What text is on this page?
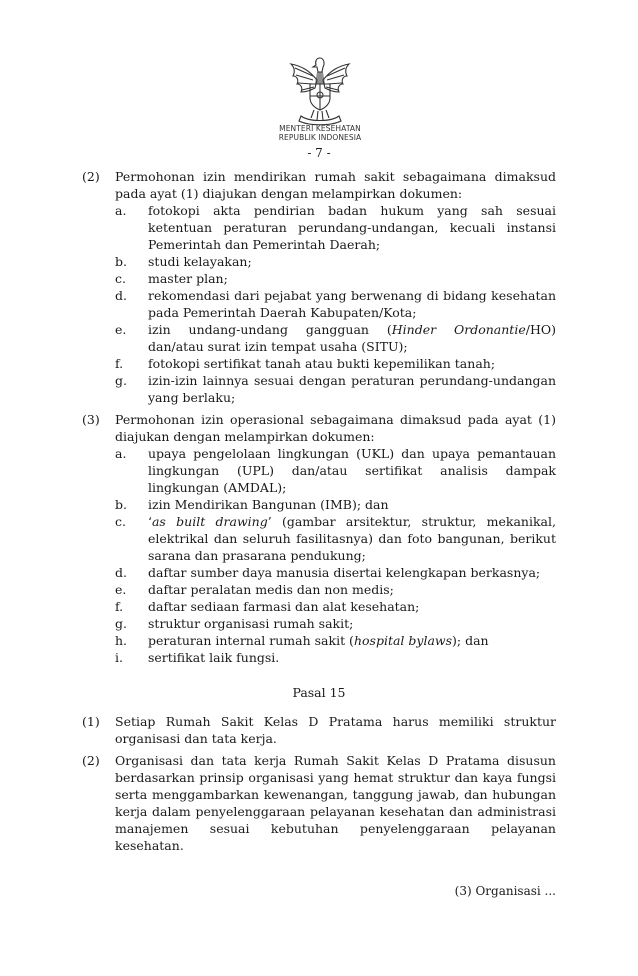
MENTERI KESEHATAN
REPUBLIK INDONESIA
- 7 -
(2)	Permohonan izin mendirikan rumah sakit sebagaimana dimaksud pada ayat (1) diajukan dengan melampirkan dokumen:
a.	fotokopi akta pendirian badan hukum yang sah sesuai ketentuan peraturan perundang-undangan, kecuali instansi Pemerintah dan Pemerintah Daerah;
b.	studi kelayakan;
c.	master plan;
d.	rekomendasi dari pejabat yang berwenang di bidang kesehatan pada Pemerintah Daerah Kabupaten/Kota;
e.	izin undang-undang gangguan (Hinder Ordonantie/HO) dan/atau surat izin tempat usaha (SITU);
f.	fotokopi sertifikat tanah atau bukti kepemilikan tanah;
g.	izin-izin lainnya sesuai dengan peraturan perundang-undangan yang berlaku;
(3)	Permohonan izin operasional sebagaimana dimaksud pada ayat (1) diajukan dengan melampirkan dokumen:
a.	upaya pengelolaan lingkungan (UKL) dan upaya pemantauan lingkungan (UPL) dan/atau sertifikat analisis dampak lingkungan (AMDAL);
b.	izin Mendirikan Bangunan (IMB); dan
c.	‘as built drawing’ (gambar arsitektur, struktur, mekanikal, elektrikal dan seluruh fasilitasnya) dan foto bangunan, berikut sarana dan prasarana pendukung;
d.	daftar sumber daya manusia disertai kelengkapan berkasnya;
e.	daftar peralatan medis dan non medis;
f.	daftar sediaan farmasi dan alat kesehatan;
g.	struktur organisasi rumah sakit;
h.	peraturan internal rumah sakit (hospital bylaws); dan
i.	sertifikat laik fungsi.
Pasal 15
(1)	Setiap Rumah Sakit Kelas D Pratama harus memiliki struktur organisasi dan tata kerja.
(2)	Organisasi dan tata kerja Rumah Sakit Kelas D Pratama disusun berdasarkan prinsip organisasi yang hemat struktur dan kaya fungsi serta menggambarkan kewenangan, tanggung jawab, dan hubungan kerja dalam penyelenggaraan pelayanan kesehatan dan administrasi manajemen sesuai kebutuhan penyelenggaraan pelayanan kesehatan.
(3) Organisasi ...
